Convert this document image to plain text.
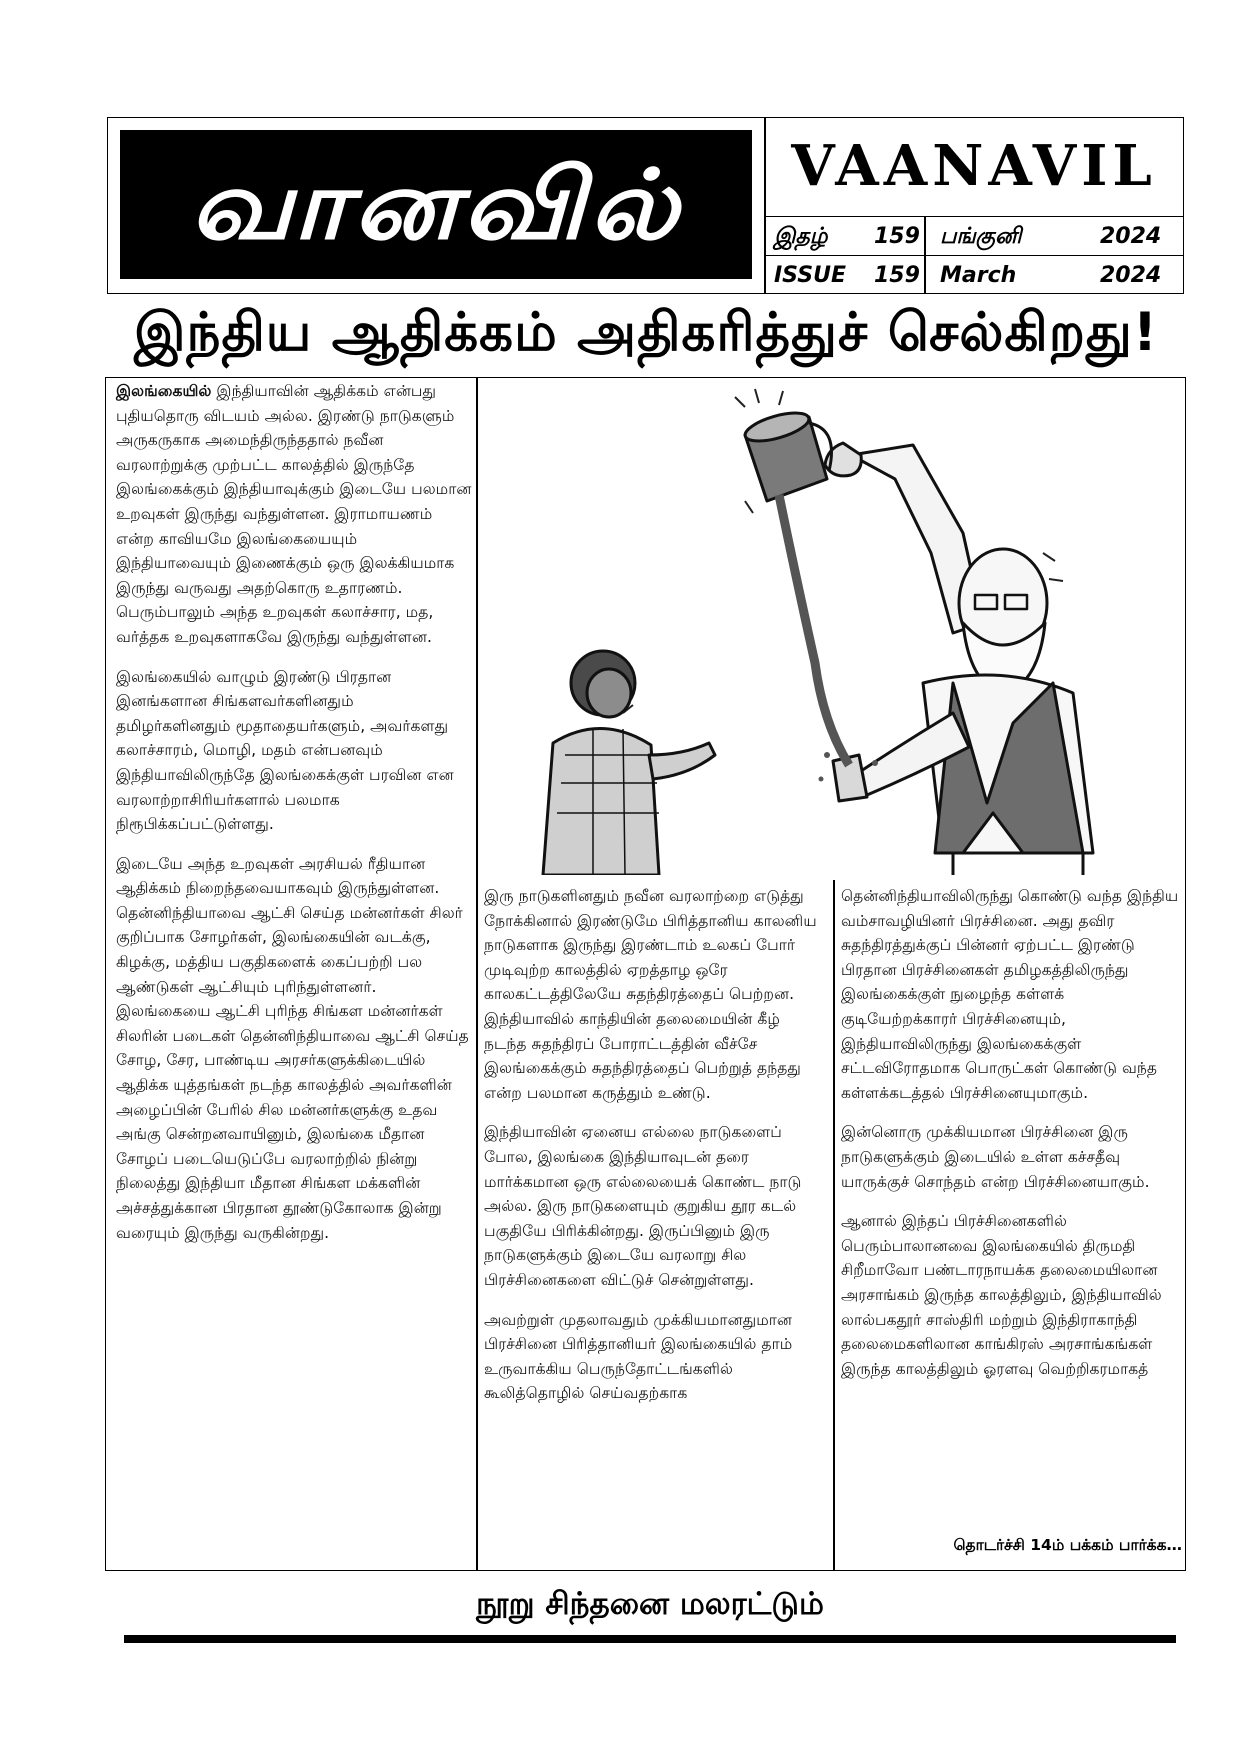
வானவில்	VAANAVIL
இதழ் 159 பங்குனி	2024
ISSUE 159 March	2024
இந்திய ஆதிக்கம் அதிகரித்துச் செல்கிறது!

இலங்கையில் இந்தியாவின் ஆதிக்கம் என்பது புதியதொரு விடயம் அல்ல. இரண்டு நாடுகளும் அருகருகாக அமைந்திருந்ததால் நவீன வரலாற்றுக்கு முற்பட்ட காலத்தில் இருந்தே இலங்கைக்கும் இந்தியாவுக்கும் இடையே பலமான உறவுகள் இருந்து வந்துள்ளன. இராமாயணம் என்ற காவியமே இலங்கையையும் இந்தியாவையும் இணைக்கும் ஒரு இலக்கியமாக இருந்து வருவது அதற்கொரு உதாரணம். பெரும்பாலும் அந்த உறவுகள் கலாச்சார, மத, வர்த்தக உறவுகளாகவே இருந்து வந்துள்ளன.

இலங்கையில் வாழும் இரண்டு பிரதான இனங்களான சிங்களவர்களினதும் தமிழர்களினதும் மூதாதையர்களும், அவர்களது கலாச்சாரம், மொழி, மதம் என்பனவும் இந்தியாவிலிருந்தே இலங்கைக்குள் பரவின என வரலாற்றாசிரியர்களால் பலமாக நிரூபிக்கப்பட்டுள்ளது.

இடையே அந்த உறவுகள் அரசியல் ரீதியான ஆதிக்கம் நிறைந்தவையாகவும் இருந்துள்ளன. தென்னிந்தியாவை ஆட்சி செய்த மன்னர்கள் சிலர் குறிப்பாக சோழர்கள், இலங்கையின் வடக்கு, கிழக்கு, மத்திய பகுதிகளைக் கைப்பற்றி பல ஆண்டுகள் ஆட்சியும் புரிந்துள்ளனர். இலங்கையை ஆட்சி புரிந்த சிங்கள மன்னர்கள் சிலரின் படைகள் தென்னிந்தியாவை ஆட்சி செய்த சோழ, சேர, பாண்டிய அரசர்களுக்கிடையில் ஆதிக்க யுத்தங்கள் நடந்த காலத்தில் அவர்களின் அழைப்பின் பேரில் சில மன்னர்களுக்கு உதவ அங்கு சென்றனவாயினும், இலங்கை மீதான சோழப் படையெடுப்பே வரலாற்றில் நின்று நிலைத்து இந்தியா மீதான சிங்கள மக்களின் அச்சத்துக்கான பிரதான தூண்டுகோலாக இன்று வரையும் இருந்து வருகின்றது.

இரு நாடுகளினதும் நவீன வரலாற்றை எடுத்து நோக்கினால் இரண்டுமே பிரித்தானிய காலனிய நாடுகளாக இருந்து இரண்டாம் உலகப் போர் முடிவுற்ற காலத்தில் ஏறத்தாழ ஒரே காலகட்டத்திலேயே சுதந்திரத்தைப் பெற்றன. இந்தியாவில் காந்தியின் தலைமையின் கீழ் நடந்த சுதந்திரப் போராட்டத்தின் வீச்சே இலங்கைக்கும் சுதந்திரத்தைப் பெற்றுத் தந்தது என்ற பலமான கருத்தும் உண்டு.

இந்தியாவின் ஏனைய எல்லை நாடுகளைப் போல, இலங்கை இந்தியாவுடன் தரை மார்க்கமான ஒரு எல்லையைக் கொண்ட நாடு அல்ல. இரு நாடுகளையும் குறுகிய தூர கடல் பகுதியே பிரிக்கின்றது. இருப்பினும் இரு நாடுகளுக்கும் இடையே வரலாறு சில பிரச்சினைகளை விட்டுச் சென்றுள்ளது.

அவற்றுள் முதலாவதும் முக்கியமானதுமான பிரச்சினை பிரித்தானியர் இலங்கையில் தாம் உருவாக்கிய பெருந்தோட்டங்களில் கூலித்தொழில் செய்வதற்காக

தென்னிந்தியாவிலிருந்து கொண்டு வந்த இந்திய வம்சாவழியினர் பிரச்சினை. அது தவிர சுதந்திரத்துக்குப் பின்னர் ஏற்பட்ட இரண்டு பிரதான பிரச்சினைகள் தமிழகத்திலிருந்து இலங்கைக்குள் நுழைந்த கள்ளக் குடியேற்றக்காரர் பிரச்சினையும், இந்தியாவிலிருந்து இலங்கைக்குள் சட்டவிரோதமாக பொருட்கள் கொண்டு வந்த கள்ளக்கடத்தல் பிரச்சினையுமாகும்.

இன்னொரு முக்கியமான பிரச்சினை இரு நாடுகளுக்கும் இடையில் உள்ள கச்சதீவு யாருக்குச் சொந்தம் என்ற பிரச்சினையாகும்.

ஆனால் இந்தப் பிரச்சினைகளில் பெரும்பாலானவை இலங்கையில் திருமதி சிறீமாவோ பண்டாரநாயக்க தலைமையிலான அரசாங்கம் இருந்த காலத்திலும், இந்தியாவில் லால்பகதூர் சாஸ்திரி மற்றும் இந்திராகாந்தி தலைமைகளிலான காங்கிரஸ் அரசாங்கங்கள் இருந்த காலத்திலும் ஓரளவு வெற்றிகரமாகத்

தொடர்ச்சி 14ம் பக்கம் பார்க்க…
நூறு சிந்தனை மலரட்டும்
